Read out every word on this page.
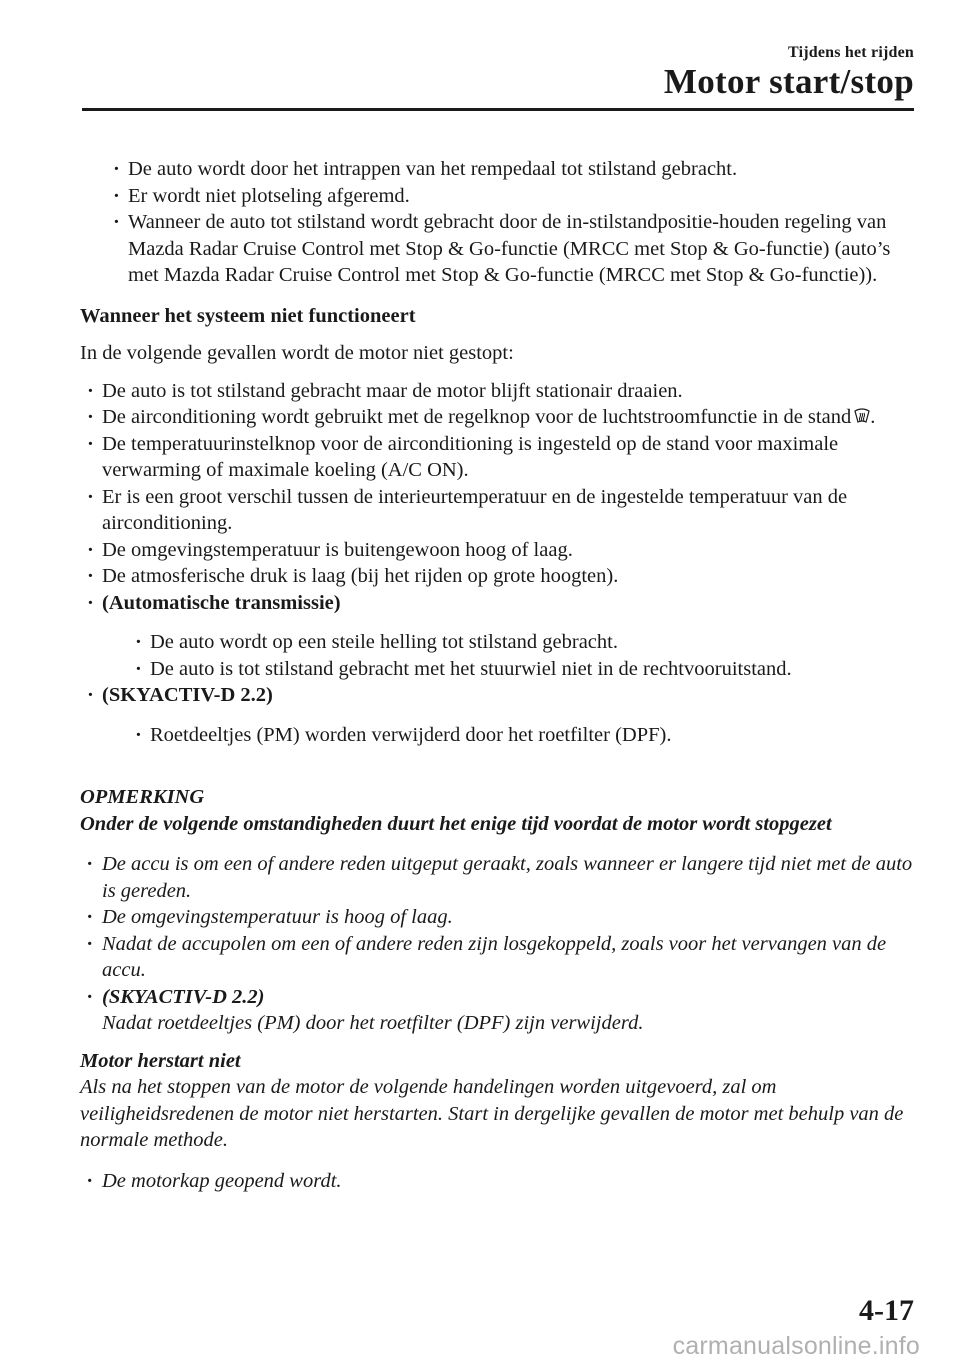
Tijdens het rijden
Motor start/stop
· De auto wordt door het intrappen van het rempedaal tot stilstand gebracht.
· Er wordt niet plotseling afgeremd.
· Wanneer de auto tot stilstand wordt gebracht door de in-stilstandpositie-houden regeling van Mazda Radar Cruise Control met Stop & Go-functie (MRCC met Stop & Go-functie) (auto’s met Mazda Radar Cruise Control met Stop & Go-functie (MRCC met Stop & Go-functie)).

Wanneer het systeem niet functioneert

In de volgende gevallen wordt de motor niet gestopt:

· De auto is tot stilstand gebracht maar de motor blijft stationair draaien.
· De airconditioning wordt gebruikt met de regelknop voor de luchtstroomfunctie in de stand .
· De temperatuurinstelknop voor de airconditioning is ingesteld op de stand voor maximale verwarming of maximale koeling (A/C ON).
· Er is een groot verschil tussen de interieurtemperatuur en de ingestelde temperatuur van de airconditioning.
· De omgevingstemperatuur is buitengewoon hoog of laag.
· De atmosferische druk is laag (bij het rijden op grote hoogten).
· (Automatische transmissie)
· De auto wordt op een steile helling tot stilstand gebracht.
· De auto is tot stilstand gebracht met het stuurwiel niet in de rechtvooruitstand.
· (SKYACTIV-D 2.2)
· Roetdeeltjes (PM) worden verwijderd door het roetfilter (DPF).

OPMERKING

Onder de volgende omstandigheden duurt het enige tijd voordat de motor wordt stopgezet

· De accu is om een of andere reden uitgeput geraakt, zoals wanneer er langere tijd niet met de auto is gereden.
· De omgevingstemperatuur is hoog of laag.
· Nadat de accupolen om een of andere reden zijn losgekoppeld, zoals voor het vervangen van de accu.
· (SKYACTIV-D 2.2)
Nadat roetdeeltjes (PM) door het roetfilter (DPF) zijn verwijderd.

Motor herstart niet

Als na het stoppen van de motor de volgende handelingen worden uitgevoerd, zal om veiligheidsredenen de motor niet herstarten. Start in dergelijke gevallen de motor met behulp van de normale methode.

· De motorkap geopend wordt.
4-17
carmanualsonline.info
